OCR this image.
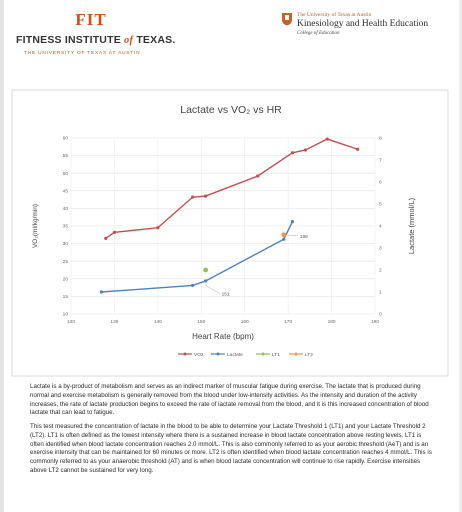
FIT
FITNESS INSTITUTE of TEXAS.
THE UNIVERSITY OF TEXAS AT AUSTIN
The University of Texas at Austin
Kinesiology and Health Education
College of Education
Lactate vs VO₂ vs HR
10
15
20
25
30
35
40
45
50
55
60
120	130	140	150	160	170	180	190
0
1
2
3
4
5
6
7
8
Heart Rate (bpm)
VO₂(ml/kg/min)	Lactate (mmol/L)
151
169
VO2	Lactate	LT1	LT2

Lactate is a by-product of metabolism and serves as an indirect marker of muscular fatigue during exercise. The lactate that is produced during normal and exercise metabolism is generally removed from the blood under low-intensity activities. As the intensity and duration of the activity increases, the rate of lactate production begins to exceed the rate of lactate removal from the blood, and it is this increased concentration of blood lactate that can lead to fatigue.

This test measured the concentration of lactate in the blood to be able to determine your Lactate Threshold 1 (LT1) and your Lactate Threshold 2 (LT2). LT1 is often defined as the lowest intensity where there is a sustained increase in blood lactate concentration above resting levels. LT1 is often identified when blood lactate concentration reaches 2.0 mmol/L. This is also commonly referred to as your aerobic threshold (AeT) and is an exercise intensity that can be maintained for 60 minutes or more. LT2 is often identified when blood lactate concentration reaches 4 mmol/L. This is commonly referred to as your anaerobic threshold (AT) and is when blood lactate concentration will continue to rise rapidly. Exercise intensities above LT2 cannot be sustained for very long.
